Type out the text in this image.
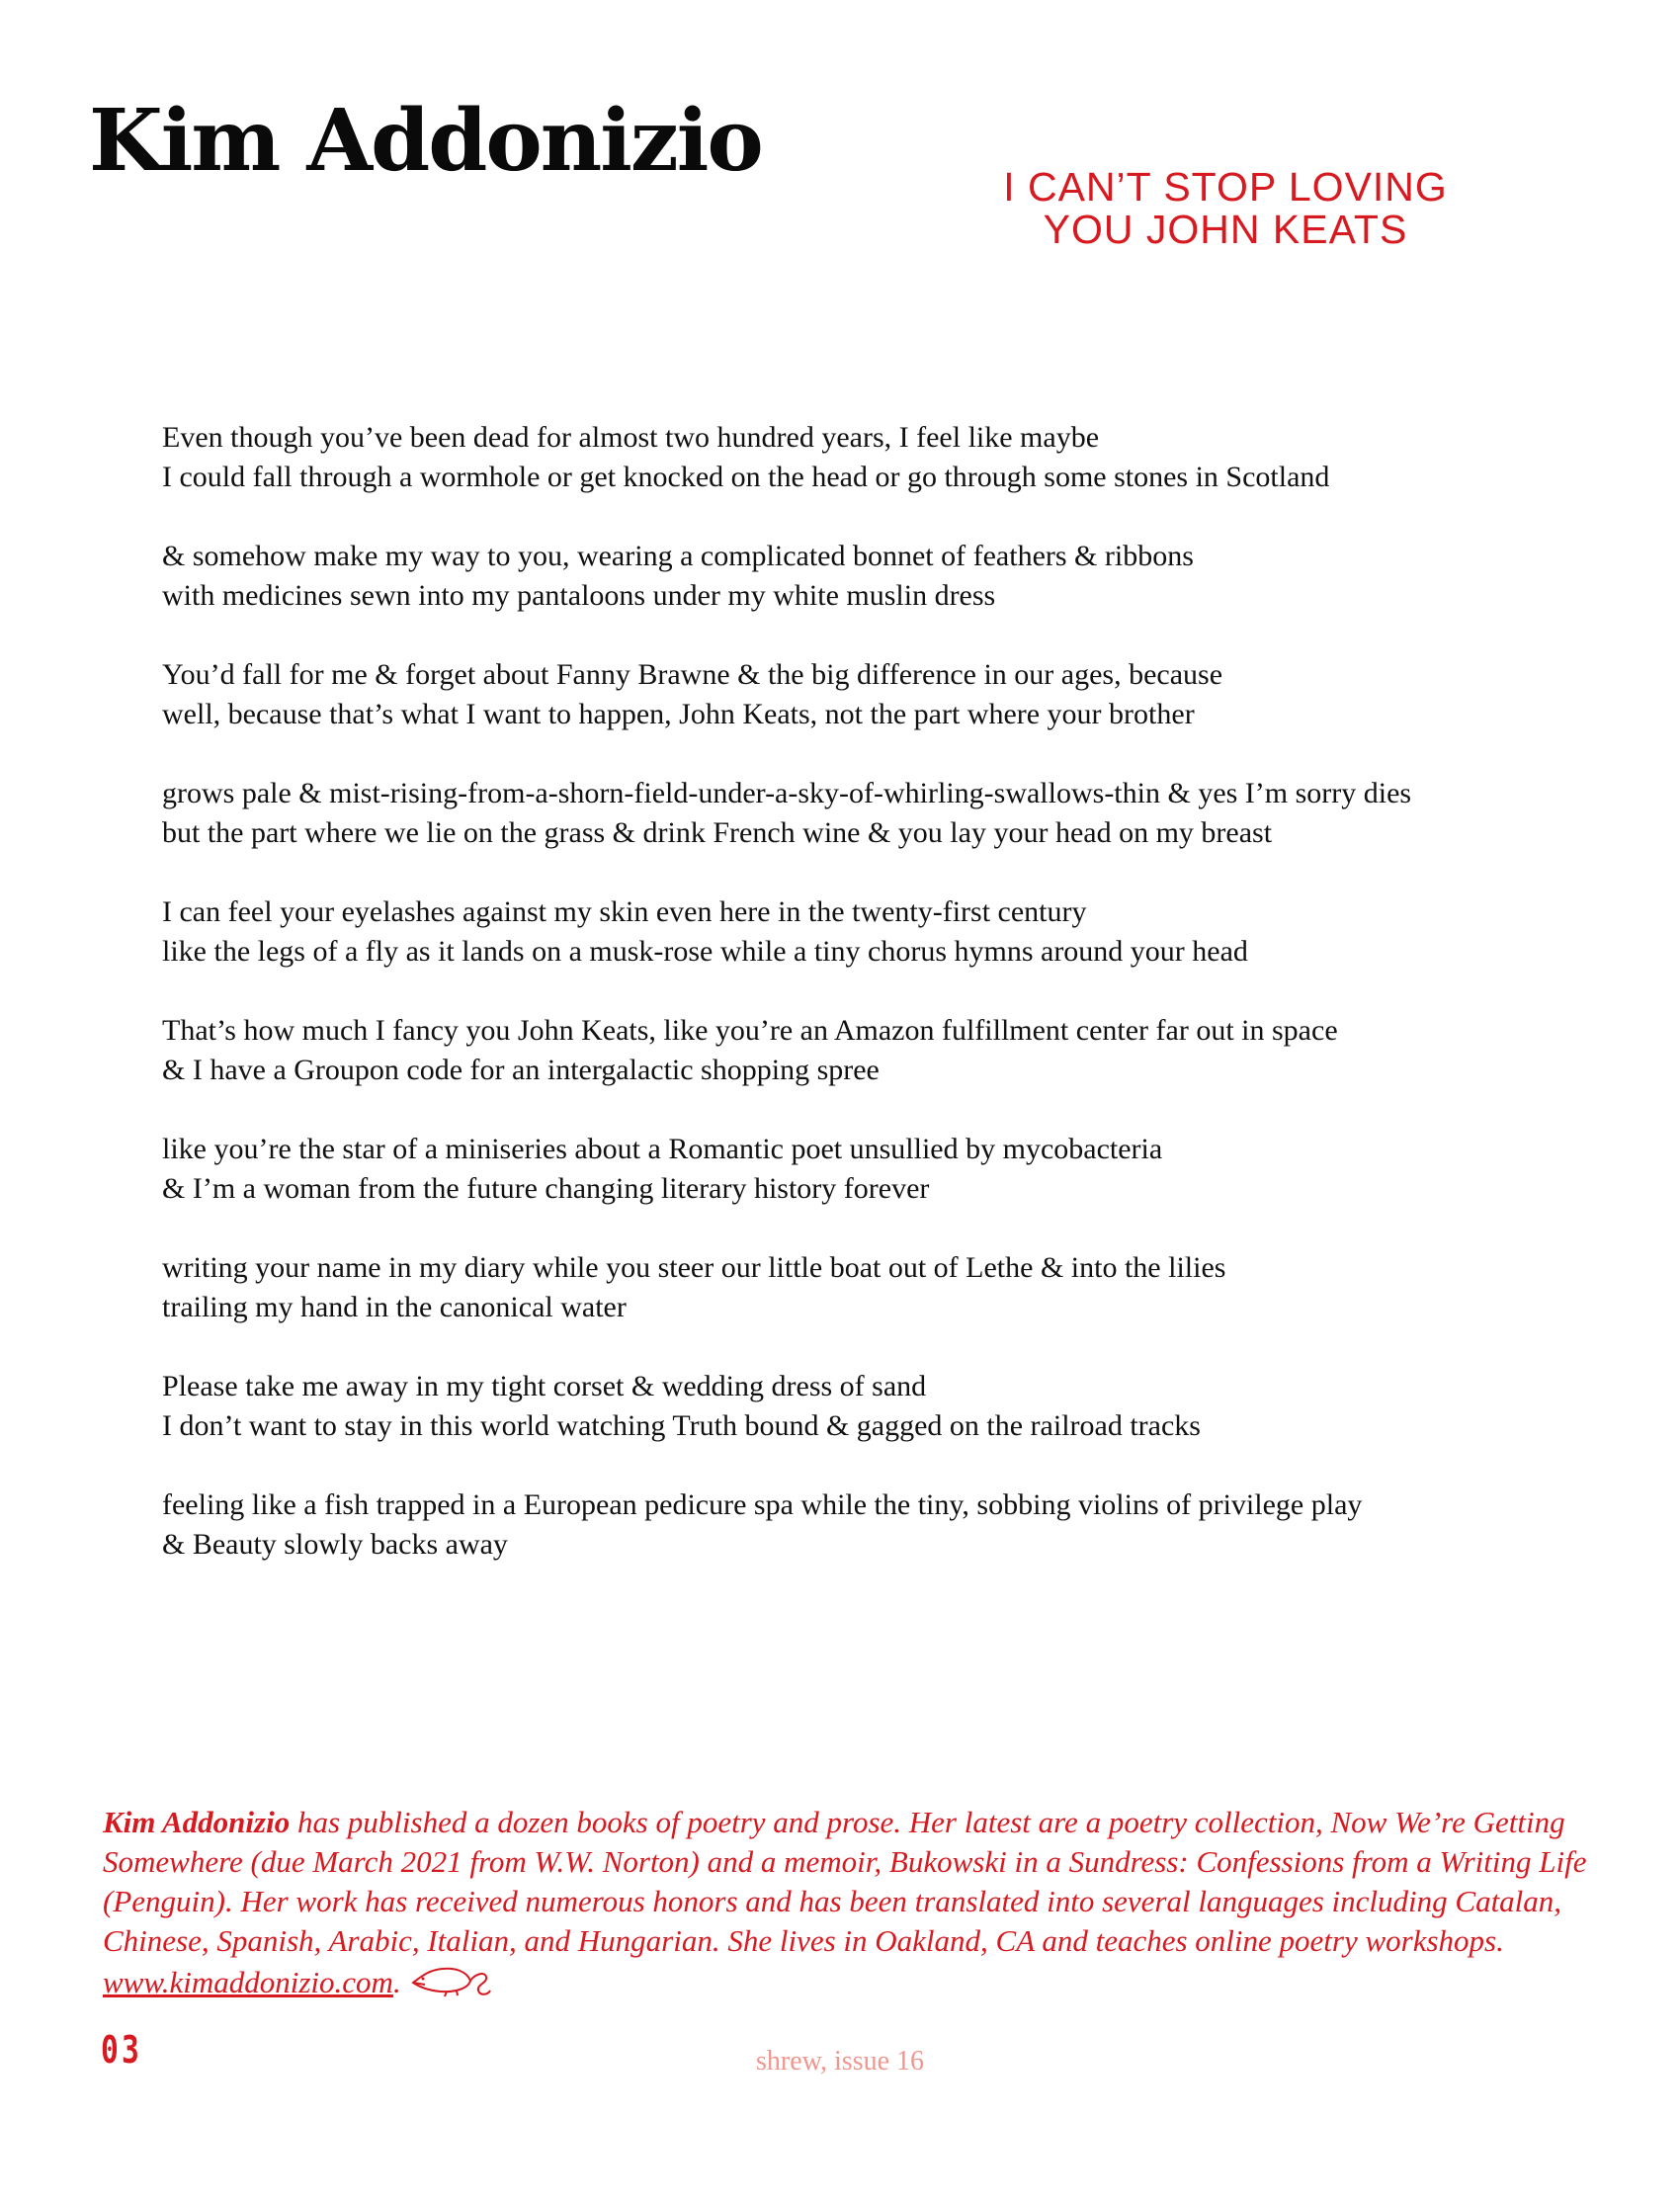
Kim Addonizio	I CAN’T STOP LOVING
YOU JOHN KEATS

Even though you’ve been dead for almost two hundred years, I feel like maybe
I could fall through a wormhole or get knocked on the head or go through some stones in Scotland

& somehow make my way to you, wearing a complicated bonnet of feathers & ribbons
with medicines sewn into my pantaloons under my white muslin dress

You’d fall for me & forget about Fanny Brawne & the big difference in our ages, because
well, because that’s what I want to happen, John Keats, not the part where your brother

grows pale & mist-rising-from-a-shorn-field-under-a-sky-of-whirling-swallows-thin & yes I’m sorry dies
but the part where we lie on the grass & drink French wine & you lay your head on my breast

I can feel your eyelashes against my skin even here in the twenty-first century
like the legs of a fly as it lands on a musk-rose while a tiny chorus hymns around your head

That’s how much I fancy you John Keats, like you’re an Amazon fulfillment center far out in space
& I have a Groupon code for an intergalactic shopping spree

like you’re the star of a miniseries about a Romantic poet unsullied by mycobacteria
& I’m a woman from the future changing literary history forever

writing your name in my diary while you steer our little boat out of Lethe & into the lilies
trailing my hand in the canonical water

Please take me away in my tight corset & wedding dress of sand
I don’t want to stay in this world watching Truth bound & gagged on the railroad tracks

feeling like a fish trapped in a European pedicure spa while the tiny, sobbing violins of privilege play
& Beauty slowly backs away

Kim Addonizio has published a dozen books of poetry and prose. Her latest are a poetry collection, Now We’re Getting Somewhere (due March 2021 from W.W. Norton) and a memoir, Bukowski in a Sundress: Confessions from a Writing Life (Penguin). Her work has received numerous honors and has been translated into several languages including Catalan, Chinese, Spanish, Arabic, Italian, and Hungarian. She lives in Oakland, CA and teaches online poetry workshops. www.kimaddonizio.com.

03	shrew, issue 16
